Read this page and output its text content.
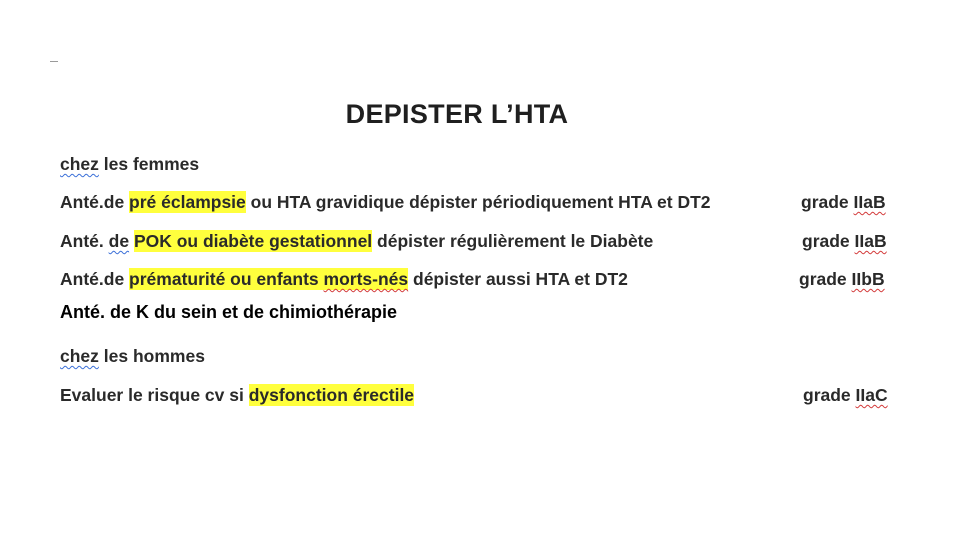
DEPISTER L’HTA
chez les femmes
Anté.de pré éclampsie ou HTA gravidique dépister périodiquement HTA et DT2	grade IIaB
Anté. de POK ou diabète gestationnel dépister régulièrement le Diabète	grade IIaB
Anté.de prématurité ou enfants morts-nés dépister aussi HTA et DT2	grade IIbB
Anté. de K du sein et de chimiothérapie
chez les hommes
Evaluer le risque cv si dysfonction érectile	grade IIaC
